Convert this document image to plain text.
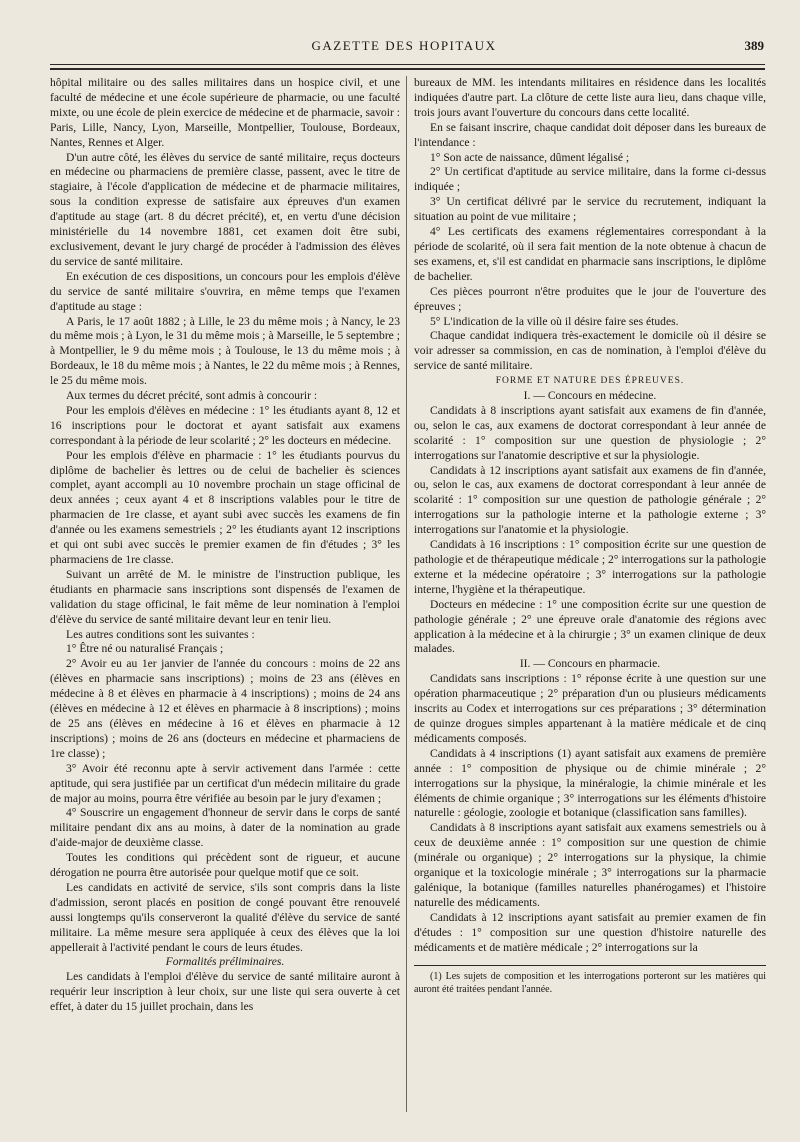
GAZETTE DES HOPITAUX	389

hôpital militaire ou des salles militaires dans un hospice civil, et une faculté de médecine et une école supérieure de pharmacie, ou une faculté mixte, ou une école de plein exercice de médecine et de pharmacie, savoir : Paris, Lille, Nancy, Lyon, Marseille, Montpellier, Toulouse, Bordeaux, Nantes, Rennes et Alger.

D'un autre côté, les élèves du service de santé militaire, reçus docteurs en médecine ou pharmaciens de première classe, passent, avec le titre de stagiaire, à l'école d'application de médecine et de pharmacie militaires, sous la condition expresse de satisfaire aux épreuves d'un examen d'aptitude au stage (art. 8 du décret précité), et, en vertu d'une décision ministérielle du 14 novembre 1881, cet examen doit être subi, exclusivement, devant le jury chargé de procéder à l'admission des élèves du service de santé militaire.

En exécution de ces dispositions, un concours pour les emplois d'élève du service de santé militaire s'ouvrira, en même temps que l'examen d'aptitude au stage :

A Paris, le 17 août 1882 ; à Lille, le 23 du même mois ; à Nancy, le 23 du même mois ; à Lyon, le 31 du même mois ; à Marseille, le 5 septembre ; à Montpellier, le 9 du même mois ; à Toulouse, le 13 du même mois ; à Bordeaux, le 18 du même mois ; à Nantes, le 22 du même mois ; à Rennes, le 25 du même mois.

Aux termes du décret précité, sont admis à concourir :

Pour les emplois d'élèves en médecine : 1° les étudiants ayant 8, 12 et 16 inscriptions pour le doctorat et ayant satisfait aux examens correspondant à la période de leur scolarité ; 2° les docteurs en médecine.

Pour les emplois d'élève en pharmacie : 1° les étudiants pourvus du diplôme de bachelier ès lettres ou de celui de bachelier ès sciences complet, ayant accompli au 10 novembre prochain un stage officinal de deux années ; ceux ayant 4 et 8 inscriptions valables pour le titre de pharmacien de 1re classe, et ayant subi avec succès les examens de fin d'année ou les examens semestriels ; 2° les étudiants ayant 12 inscriptions et qui ont subi avec succès le premier examen de fin d'études ; 3° les pharmaciens de 1re classe.

Suivant un arrêté de M. le ministre de l'instruction publique, les étudiants en pharmacie sans inscriptions sont dispensés de l'examen de validation du stage officinal, le fait même de leur nomination à l'emploi d'élève du service de santé militaire devant leur en tenir lieu.

Les autres conditions sont les suivantes :

1° Être né ou naturalisé Français ;

2° Avoir eu au 1er janvier de l'année du concours : moins de 22 ans (élèves en pharmacie sans inscriptions) ; moins de 23 ans (élèves en médecine à 8 et élèves en pharmacie à 4 inscriptions) ; moins de 24 ans (élèves en médecine à 12 et élèves en pharmacie à 8 inscriptions) ; moins de 25 ans (élèves en médecine à 16 et élèves en pharmacie à 12 inscriptions) ; moins de 26 ans (docteurs en médecine et pharmaciens de 1re classe) ;

3° Avoir été reconnu apte à servir activement dans l'armée : cette aptitude, qui sera justifiée par un certificat d'un médecin militaire du grade de major au moins, pourra être vérifiée au besoin par le jury d'examen ;

4° Souscrire un engagement d'honneur de servir dans le corps de santé militaire pendant dix ans au moins, à dater de la nomination au grade d'aide-major de deuxième classe.

Toutes les conditions qui précèdent sont de rigueur, et aucune dérogation ne pourra être autorisée pour quelque motif que ce soit.

Les candidats en activité de service, s'ils sont compris dans la liste d'admission, seront placés en position de congé pouvant être renouvelé aussi longtemps qu'ils conserveront la qualité d'élève du service de santé militaire. La même mesure sera appliquée à ceux des élèves que la loi appellerait à l'activité pendant le cours de leurs études.

Formalités préliminaires.

Les candidats à l'emploi d'élève du service de santé militaire auront à requérir leur inscription à leur choix, sur une liste qui sera ouverte à cet effet, à dater du 15 juillet prochain, dans les

bureaux de MM. les intendants militaires en résidence dans les localités indiquées d'autre part. La clôture de cette liste aura lieu, dans chaque ville, trois jours avant l'ouverture du concours dans cette localité.

En se faisant inscrire, chaque candidat doit déposer dans les bureaux de l'intendance :

1° Son acte de naissance, dûment légalisé ;

2° Un certificat d'aptitude au service militaire, dans la forme ci-dessus indiquée ;

3° Un certificat délivré par le service du recrutement, indiquant la situation au point de vue militaire ;

4° Les certificats des examens réglementaires correspondant à la période de scolarité, où il sera fait mention de la note obtenue à chacun de ses examens, et, s'il est candidat en pharmacie sans inscriptions, le diplôme de bachelier.

Ces pièces pourront n'être produites que le jour de l'ouverture des épreuves ;

5° L'indication de la ville où il désire faire ses études.

Chaque candidat indiquera très-exactement le domicile où il désire se voir adresser sa commission, en cas de nomination, à l'emploi d'élève du service de santé militaire.

FORME ET NATURE DES ÉPREUVES.

I. — Concours en médecine.

Candidats à 8 inscriptions ayant satisfait aux examens de fin d'année, ou, selon le cas, aux examens de doctorat correspondant à leur année de scolarité : 1° composition sur une question de physiologie ; 2° interrogations sur l'anatomie descriptive et sur la physiologie.

Candidats à 12 inscriptions ayant satisfait aux examens de fin d'année, ou, selon le cas, aux examens de doctorat correspondant à leur année de scolarité : 1° composition sur une question de pathologie générale ; 2° interrogations sur la pathologie interne et la pathologie externe ; 3° interrogations sur l'anatomie et la physiologie.

Candidats à 16 inscriptions : 1° composition écrite sur une question de pathologie et de thérapeutique médicale ; 2° interrogations sur la pathologie externe et la médecine opératoire ; 3° interrogations sur la pathologie interne, l'hygiène et la thérapeutique.

Docteurs en médecine : 1° une composition écrite sur une question de pathologie générale ; 2° une épreuve orale d'anatomie des régions avec application à la médecine et à la chirurgie ; 3° un examen clinique de deux malades.

II. — Concours en pharmacie.

Candidats sans inscriptions : 1° réponse écrite à une question sur une opération pharmaceutique ; 2° préparation d'un ou plusieurs médicaments inscrits au Codex et interrogations sur ces préparations ; 3° détermination de quinze drogues simples appartenant à la matière médicale et de cinq médicaments composés.

Candidats à 4 inscriptions (1) ayant satisfait aux examens de première année : 1° composition de physique ou de chimie minérale ; 2° interrogations sur la physique, la minéralogie, la chimie minérale et les éléments de chimie organique ; 3° interrogations sur les éléments d'histoire naturelle : géologie, zoologie et botanique (classification sans familles).

Candidats à 8 inscriptions ayant satisfait aux examens semestriels ou à ceux de deuxième année : 1° composition sur une question de chimie (minérale ou organique) ; 2° interrogations sur la physique, la chimie organique et la toxicologie minérale ; 3° interrogations sur la pharmacie galénique, la botanique (familles naturelles phanérogames) et l'histoire naturelle des médicaments.

Candidats à 12 inscriptions ayant satisfait au premier examen de fin d'études : 1° composition sur une question d'histoire naturelle des médicaments et de matière médicale ; 2° interrogations sur la

(1) Les sujets de composition et les interrogations porteront sur les matières qui auront été traitées pendant l'année.
